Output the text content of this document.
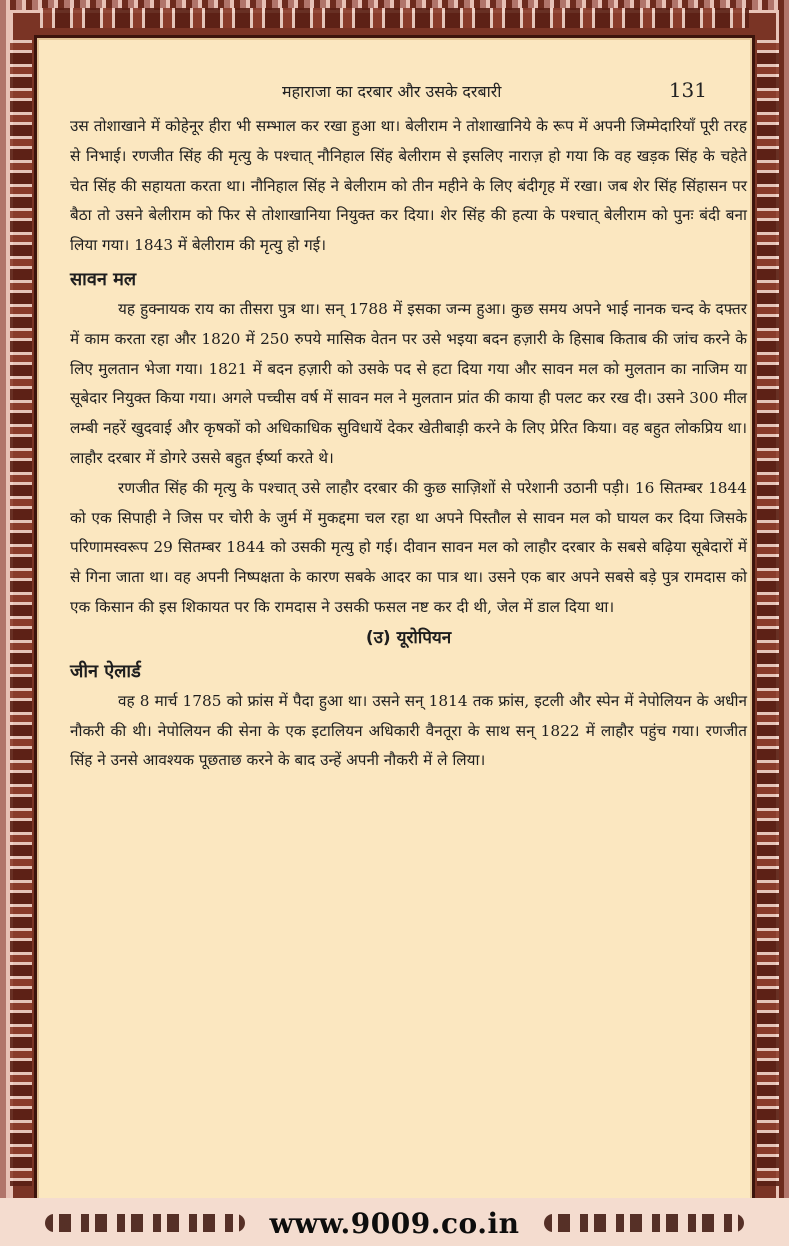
महाराजा का दरबार और उसके दरबारी	131

उस तोशाखाने में कोहेनूर हीरा भी सम्भाल कर रखा हुआ था। बेलीराम ने तोशाखानिये के रूप में अपनी जिम्मेदारियाँ पूरी तरह से निभाई। रणजीत सिंह की मृत्यु के पश्चात् नौनिहाल सिंह बेलीराम से इसलिए नाराज़ हो गया कि वह खड़क सिंह के चहेते चेत सिंह की सहायता करता था। नौनिहाल सिंह ने बेलीराम को तीन महीने के लिए बंदीगृह में रखा। जब शेर सिंह सिंहासन पर बैठा तो उसने बेलीराम को फिर से तोशाखानिया नियुक्त कर दिया। शेर सिंह की हत्या के पश्चात् बेलीराम को पुनः बंदी बना लिया गया। 1843 में बेलीराम की मृत्यु हो गई।

सावन मल

यह हुक्नायक राय का तीसरा पुत्र था। सन् 1788 में इसका जन्म हुआ। कुछ समय अपने भाई नानक चन्द के दफ्तर में काम करता रहा और 1820 में 250 रुपये मासिक वेतन पर उसे भइया बदन हज़ारी के हिसाब किताब की जांच करने के लिए मुलतान भेजा गया। 1821 में बदन हज़ारी को उसके पद से हटा दिया गया और सावन मल को मुलतान का नाजिम या सूबेदार नियुक्त किया गया। अगले पच्चीस वर्ष में सावन मल ने मुलतान प्रांत की काया ही पलट कर रख दी। उसने 300 मील लम्बी नहरें खुदवाई और कृषकों को अधिकाधिक सुविधायें देकर खेतीबाड़ी करने के लिए प्रेरित किया। वह बहुत लोकप्रिय था। लाहौर दरबार में डोगरे उससे बहुत ईर्ष्या करते थे।

रणजीत सिंह की मृत्यु के पश्चात् उसे लाहौर दरबार की कुछ साज़िशों से परेशानी उठानी पड़ी। 16 सितम्बर 1844 को एक सिपाही ने जिस पर चोरी के जुर्म में मुकद्दमा चल रहा था अपने पिस्तौल से सावन मल को घायल कर दिया जिसके परिणामस्वरूप 29 सितम्बर 1844 को उसकी मृत्यु हो गई। दीवान सावन मल को लाहौर दरबार के सबसे बढ़िया सूबेदारों में से गिना जाता था। वह अपनी निष्पक्षता के कारण सबके आदर का पात्र था। उसने एक बार अपने सबसे बड़े पुत्र रामदास को एक किसान की इस शिकायत पर कि रामदास ने उसकी फसल नष्ट कर दी थी, जेल में डाल दिया था।

(उ) यूरोपियन

जीन ऐलार्ड

वह 8 मार्च 1785 को फ्रांस में पैदा हुआ था। उसने सन् 1814 तक फ्रांस, इटली और स्पेन में नेपोलियन के अधीन नौकरी की थी। नेपोलियन की सेना के एक इटालियन अधिकारी वैनतूरा के साथ सन् 1822 में लाहौर पहुंच गया। रणजीत सिंह ने उनसे आवश्यक पूछताछ करने के बाद उन्हें अपनी नौकरी में ले लिया।

www.9009.co.in
